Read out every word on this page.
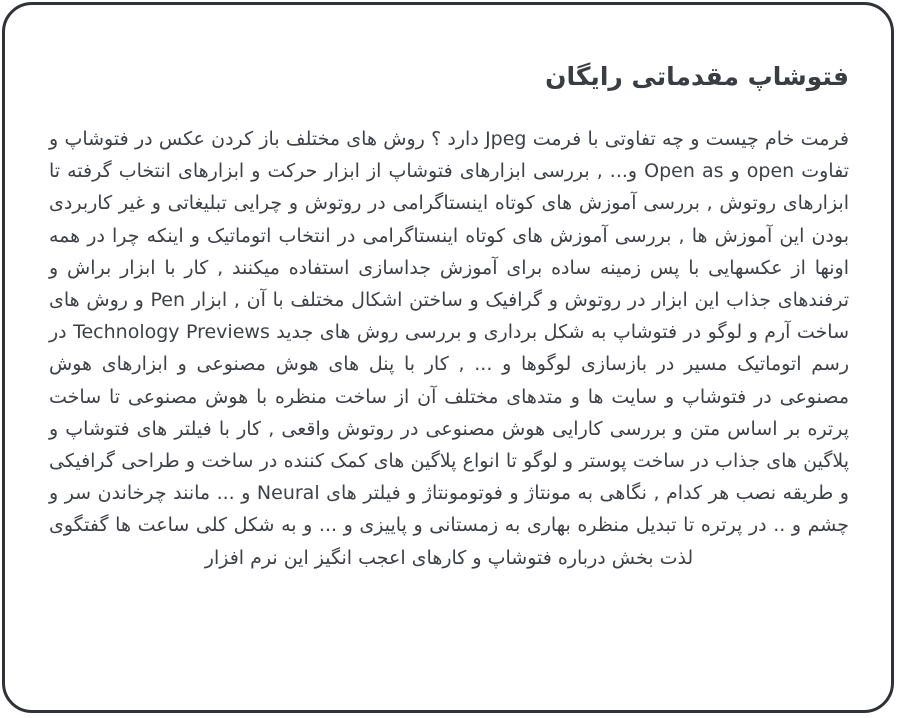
فتوشاپ مقدماتی رایگان

فرمت خام چیست و چه تفاوتی با فرمت Jpeg دارد ؟ روش های مختلف باز کردن عکس در فتوشاپ و تفاوت open و Open as و... , بررسی ابزارهای فتوشاپ از ابزار حرکت و ابزارهای انتخاب گرفته تا ابزارهای روتوش , بررسی آموزش های کوتاه اینستاگرامی در روتوش و چرایی تبلیغاتی و غیر کاربردی بودن این آموزش ها , بررسی آموزش های کوتاه اینستاگرامی در انتخاب اتوماتیک و اینکه چرا در همه اونها از عکسهایی با پس زمینه ساده برای آموزش جداسازی استفاده میکنند , کار با ابزار براش و ترفندهای جذاب این ابزار در روتوش و گرافیک و ساختن اشکال مختلف با آن , ابزار Pen و روش های ساخت آرم و لوگو در فتوشاپ به شکل برداری و بررسی روش های جدید Technology Previews در رسم اتوماتیک مسیر در بازسازی لوگوها و ... , کار با پنل های هوش مصنوعی و ابزارهای هوش مصنوعی در فتوشاپ و سایت ها و متدهای مختلف آن از ساخت منظره با هوش مصنوعی تا ساخت پرتره بر اساس متن و بررسی کارایی هوش مصنوعی در روتوش واقعی , کار با فیلتر های فتوشاپ و پلاگین های جذاب در ساخت پوستر و لوگو تا انواع پلاگین های کمک کننده در ساخت و طراحی گرافیکی و طریقه نصب هر کدام , نگاهی به مونتاژ و فوتومونتاژ و فیلتر های Neural و ... مانند چرخاندن سر و چشم و .. در پرتره تا تبدیل منظره بهاری به زمستانی و پاییزی و ... و به شکل کلی ساعت ها گفتگوی لذت بخش درباره فتوشاپ و کارهای اعجب انگیز این نرم افزار
